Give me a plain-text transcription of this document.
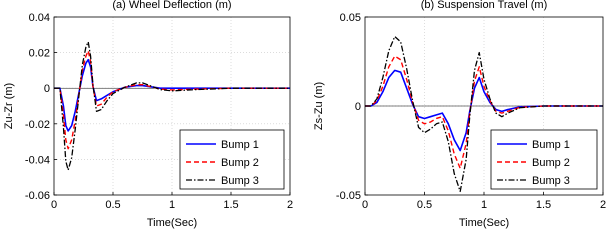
(a) Wheel Deflection (m)
0	0.5	1	1.5	2
-0.06
-0.04
-0.02
0
0.02
0.04
Time(Sec)
Zu-Zr (m)
Bump 1
Bump 2
Bump 3
(b) Suspension Travel (m)
0	0.5	1	1.5	2
-0.05
0
0.05
Time(Sec)
Zs-Zu (m)
Bump 1
Bump 2
Bump 3
